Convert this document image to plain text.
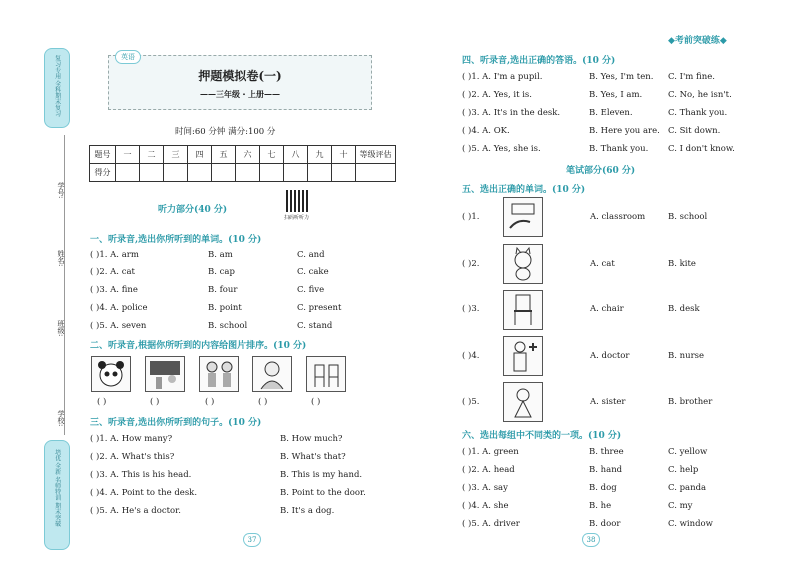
◆考前突破练◆
复习专用 全科期末复习
培优 全新 名师特训 期末突破
学号:
姓名:
班级:
学校:
英语
押题模拟卷(一)
——三年级・上册——
时间:60 分钟 满分:100 分
题号	一	二	三	四	五	六	七	八	九	十	等级评估
得分											
听力部分(40 分)
扫码听听力
一、听录音,选出你所听到的单词。(10 分)
( )1. A. arm	B. am	C. and
( )2. A. cat	B. cap	C. cake
( )3. A. fine	B. four	C. five
( )4. A. police	B. point	C. present
( )5. A. seven	B. school	C. stand
二、听录音,根据你所听到的内容给图片排序。(10 分)
( )	( )	( )	( )	( )
三、听录音,选出你所听到的句子。(10 分)
( )1. A. How many?	B. How much?
( )2. A. What's this?	B. What's that?
( )3. A. This is his head.	B. This is my hand.
( )4. A. Point to the desk.	B. Point to the door.
( )5. A. He's a doctor.	B. It's a dog.
37
四、听录音,选出正确的答语。(10 分)
( )1. A. I'm a pupil.	B. Yes, I'm ten. C. I'm fine.
( )2. A. Yes, it is.	B. Yes, I am.	C. No, he isn't.
( )3. A. It's in the desk.	B. Eleven.	C. Thank you.
( )4. A. OK.	B. Here you are. C. Sit down.
( )5. A. Yes, she is.	B. Thank you. C. I don't know.
笔试部分(60 分)
五、选出正确的单词。(10 分)
( )1.	A. classroom	B. school
( )2.	A. cat	B. kite
( )3.	A. chair	B. desk
( )4.	A. doctor	B. nurse
( )5.	A. sister	B. brother
六、选出每组中不同类的一项。(10 分)
( )1. A. green	B. three	C. yellow
( )2. A. head	B. hand	C. help
( )3. A. say	B. dog	C. panda
( )4. A. she	B. he	C. my
( )5. A. driver	B. door	C. window
38
